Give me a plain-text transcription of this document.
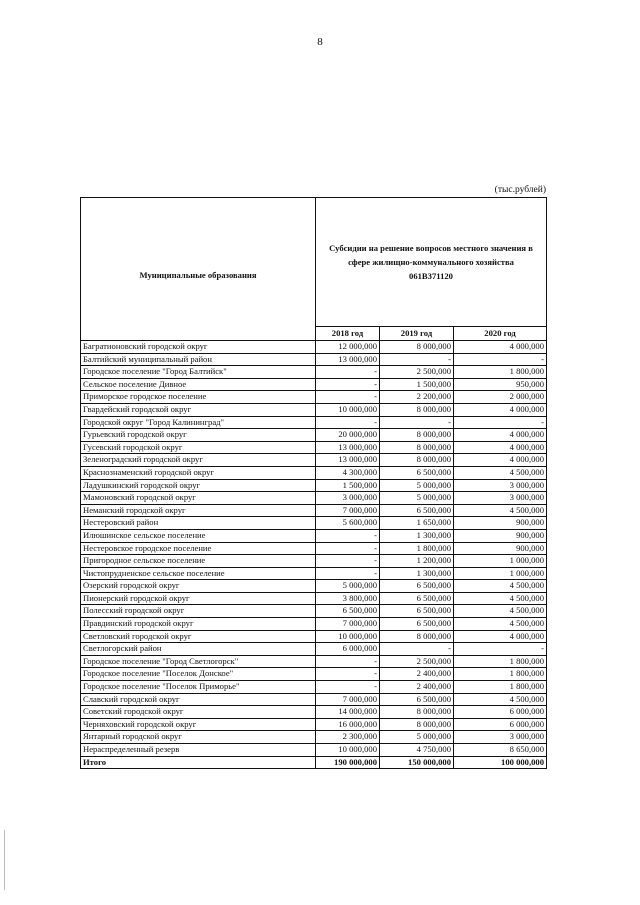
8
(тыс.рублей)
Муниципальные образования	Субсидии на решение вопросов местного значения в сфере жилищно-коммунального хозяйства 061В371120		
	2018 год	2019 год	2020 год
Багратионовский городской округ	12 000,000	8 000,000	4 000,000
Балтийский муниципальный район	13 000,000	-	-
Городское поселение "Город Балтийск"	-	2 500,000	1 800,000
Сельское поселение Дивное	-	1 500,000	950,000
Приморское городское поселение	-	2 200,000	2 000,000
Гвардейский городской округ	10 000,000	8 000,000	4 000,000
Городской округ "Город Калининград"	-	-	-
Гурьевский городской округ	20 000,000	8 000,000	4 000,000
Гусевский городской округ	13 000,000	8 000,000	4 000,000
Зеленоградский городской округ	13 000,000	8 000,000	4 000,000
Краснознаменский городской округ	4 300,000	6 500,000	4 500,000
Ладушкинский городской округ	1 500,000	5 000,000	3 000,000
Мамоновский городской округ	3 000,000	5 000,000	3 000,000
Неманский городской округ	7 000,000	6 500,000	4 500,000
Нестеровский район	5 600,000	1 650,000	900,000
Илюшинское сельское поселение	-	1 300,000	900,000
Нестеровское городское поселение	-	1 800,000	900,000
Пригородное сельское поселение	-	1 200,000	1 000,000
Чистопрудненское сельское поселение	-	1 300,000	1 000,000
Озерский городской округ	5 000,000	6 500,000	4 500,000
Пионерский городской округ	3 800,000	6 500,000	4 500,000
Полесский городской округ	6 500,000	6 500,000	4 500,000
Правдинский городской округ	7 000,000	6 500,000	4 500,000
Светловский городской округ	10 000,000	8 000,000	4 000,000
Светлогорский район	6 000,000	-	-
Городское поселение "Город Светлогорск"	-	2 500,000	1 800,000
Городское поселение "Поселок Донское"	-	2 400,000	1 800,000
Городское поселение "Поселок Приморье"	-	2 400,000	1 800,000
Славский городской округ	7 000,000	6 500,000	4 500,000
Советский городской округ	14 000,000	8 000,000	6 000,000
Черняховский городской округ	16 000,000	8 000,000	6 000,000
Янтарный городской округ	2 300,000	5 000,000	3 000,000
Нераспределенный резерв	10 000,000	4 750,000	8 650,000
Итого	190 000,000	150 000,000	100 000,000
